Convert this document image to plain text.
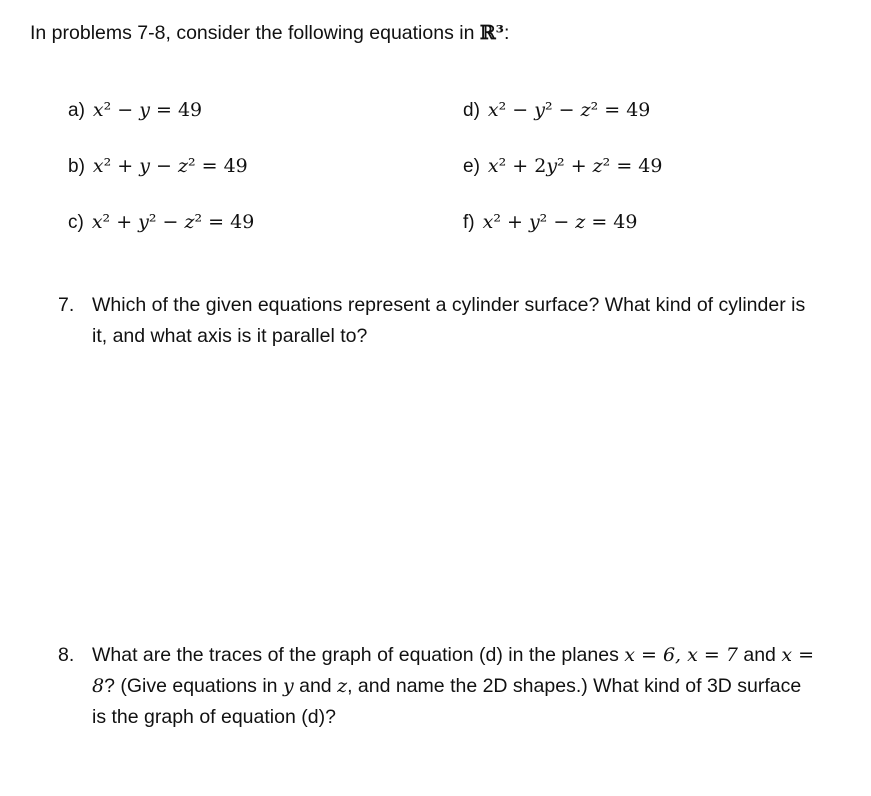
In problems 7-8, consider the following equations in ℝ³:
a) 𝑥² − 𝑦 = 49
b) 𝑥² + 𝑦 − 𝑧² = 49
c) 𝑥² + 𝑦² − 𝑧² = 49
d) 𝑥² − 𝑦² − 𝑧² = 49
e) 𝑥² + 2𝑦² + 𝑧² = 49
f) 𝑥² + 𝑦² − 𝑧 = 49
7. Which of the given equations represent a cylinder surface? What kind of cylinder is it, and what axis is it parallel to?
8. What are the traces of the graph of equation (d) in the planes 𝑥 = 6, 𝑥 = 7 and 𝑥 = 8? (Give equations in 𝑦 and 𝑧, and name the 2D shapes.) What kind of 3D surface is the graph of equation (d)?
